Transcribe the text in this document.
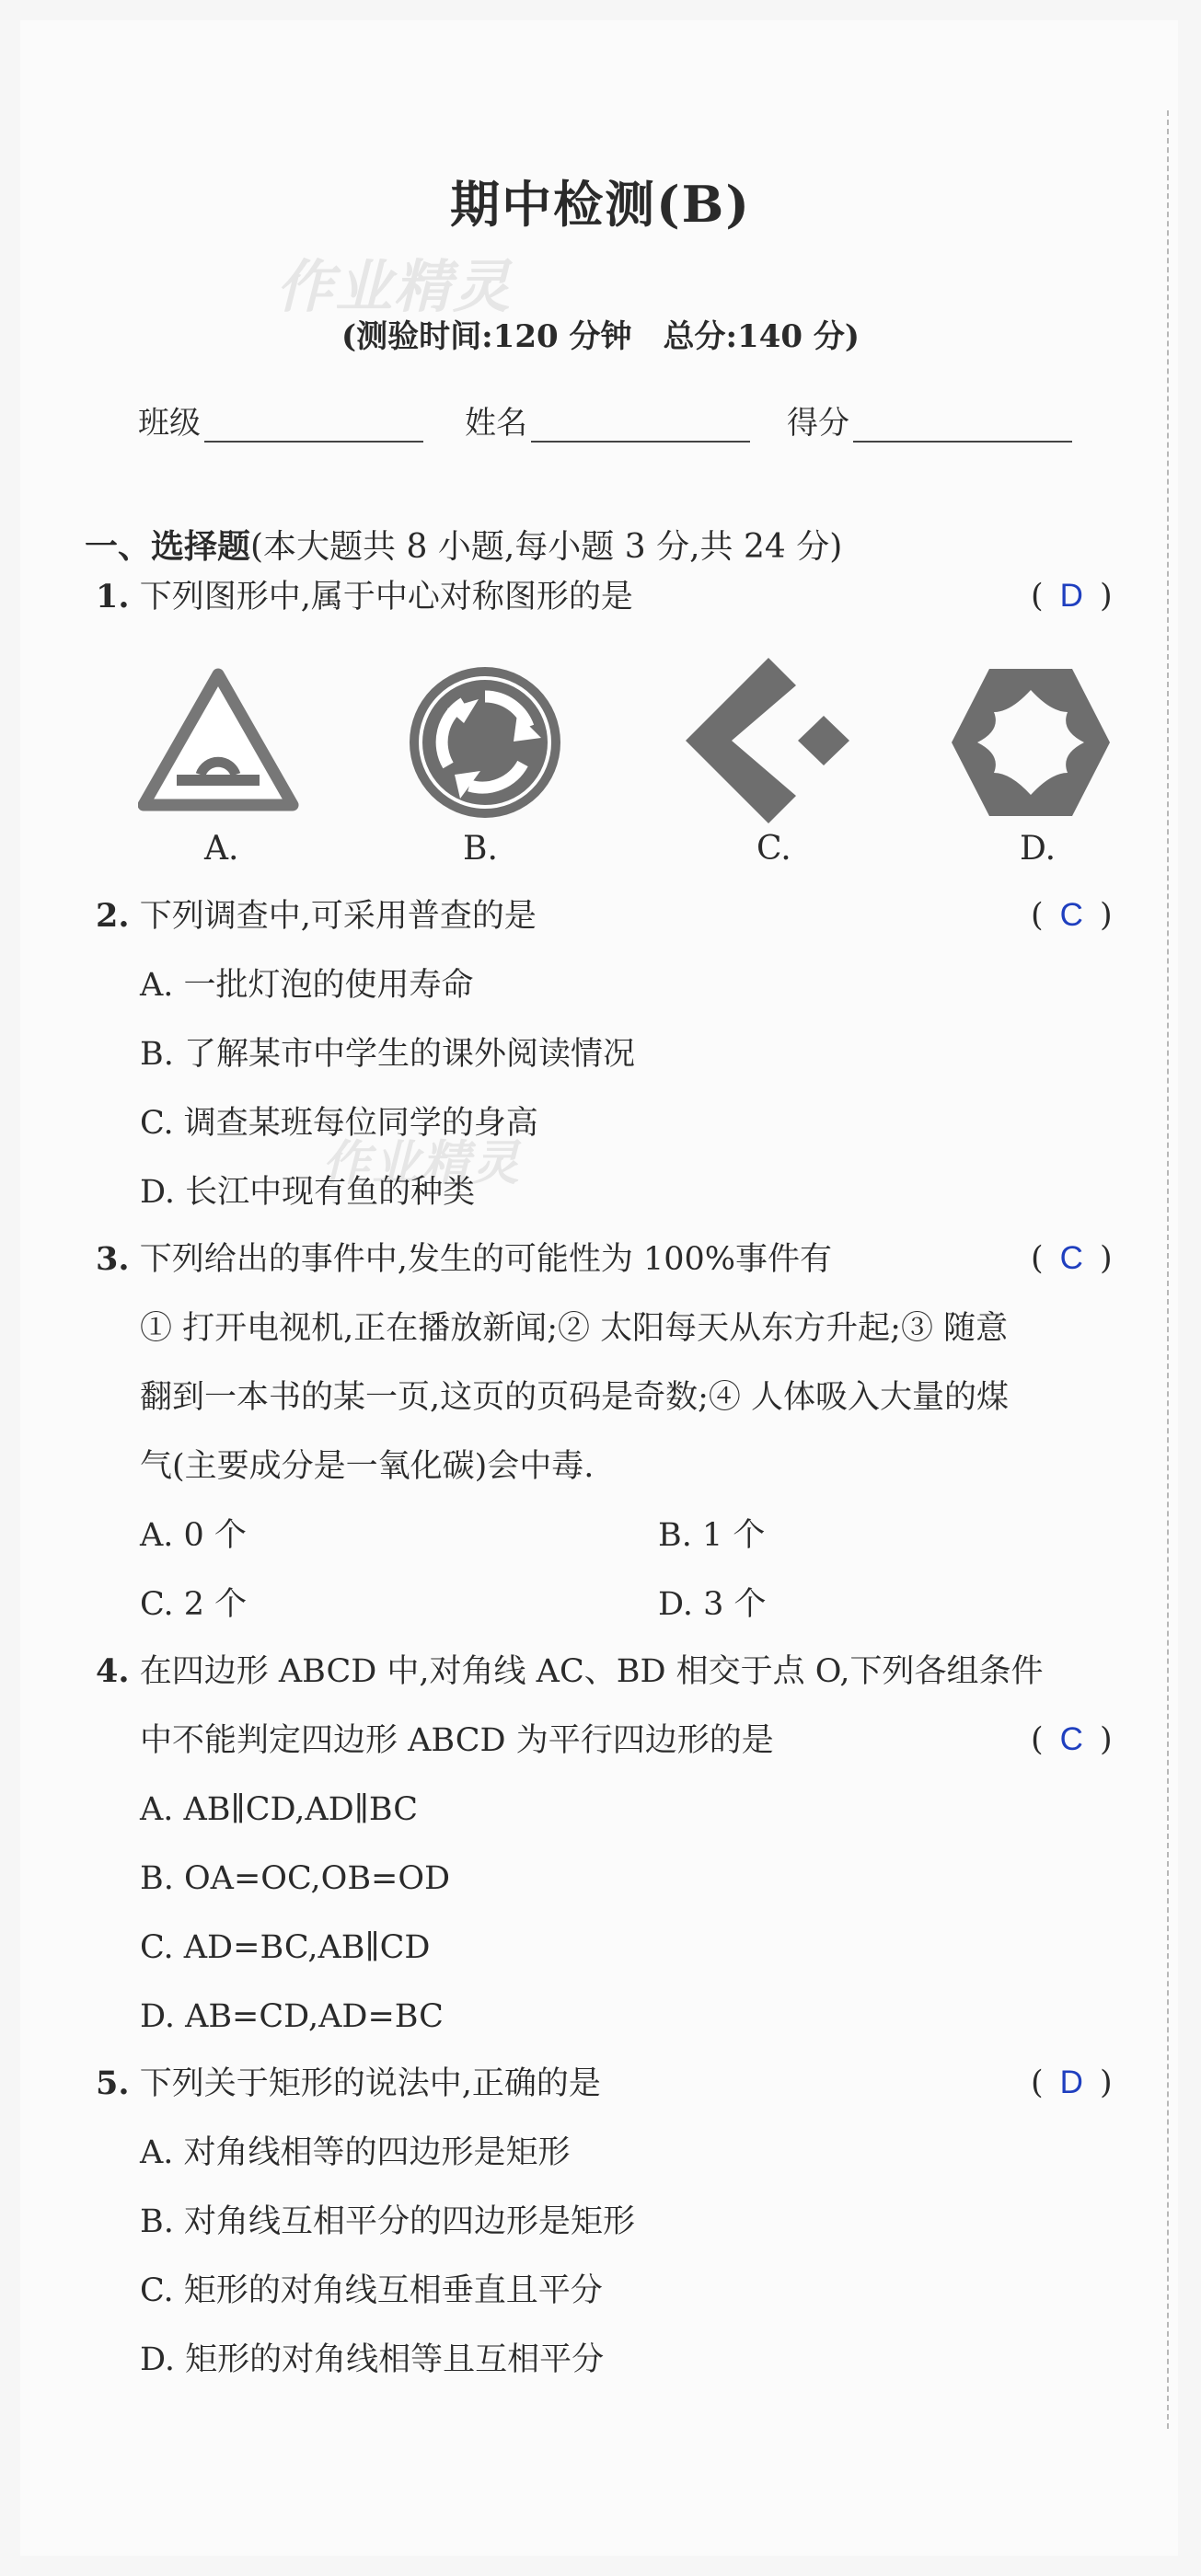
期中检测(B)
作业精灵
(测验时间:120 分钟　总分:140 分)
班级	姓名	得分
一、选择题(本大题共 8 小题,每小题 3 分,共 24 分)
1. 下列图形中,属于中心对称图形的是	( D )
A.	B.	C.	D.
2. 下列调查中,可采用普查的是	( C )
A. 一批灯泡的使用寿命
B. 了解某市中学生的课外阅读情况
C. 调查某班每位同学的身高
作业精灵
D. 长江中现有鱼的种类
3. 下列给出的事件中,发生的可能性为 100%事件有	( C )
① 打开电视机,正在播放新闻;② 太阳每天从东方升起;③ 随意
翻到一本书的某一页,这页的页码是奇数;④ 人体吸入大量的煤
气(主要成分是一氧化碳)会中毒.
A. 0 个	B. 1 个
C. 2 个	D. 3 个
4. 在四边形 ABCD 中,对角线 AC、BD 相交于点 O,下列各组条件
中不能判定四边形 ABCD 为平行四边形的是	( C )
A. AB∥CD,AD∥BC
B. OA=OC,OB=OD
C. AD=BC,AB∥CD
D. AB=CD,AD=BC
5. 下列关于矩形的说法中,正确的是	( D )
A. 对角线相等的四边形是矩形
B. 对角线互相平分的四边形是矩形
C. 矩形的对角线互相垂直且平分
D. 矩形的对角线相等且互相平分
